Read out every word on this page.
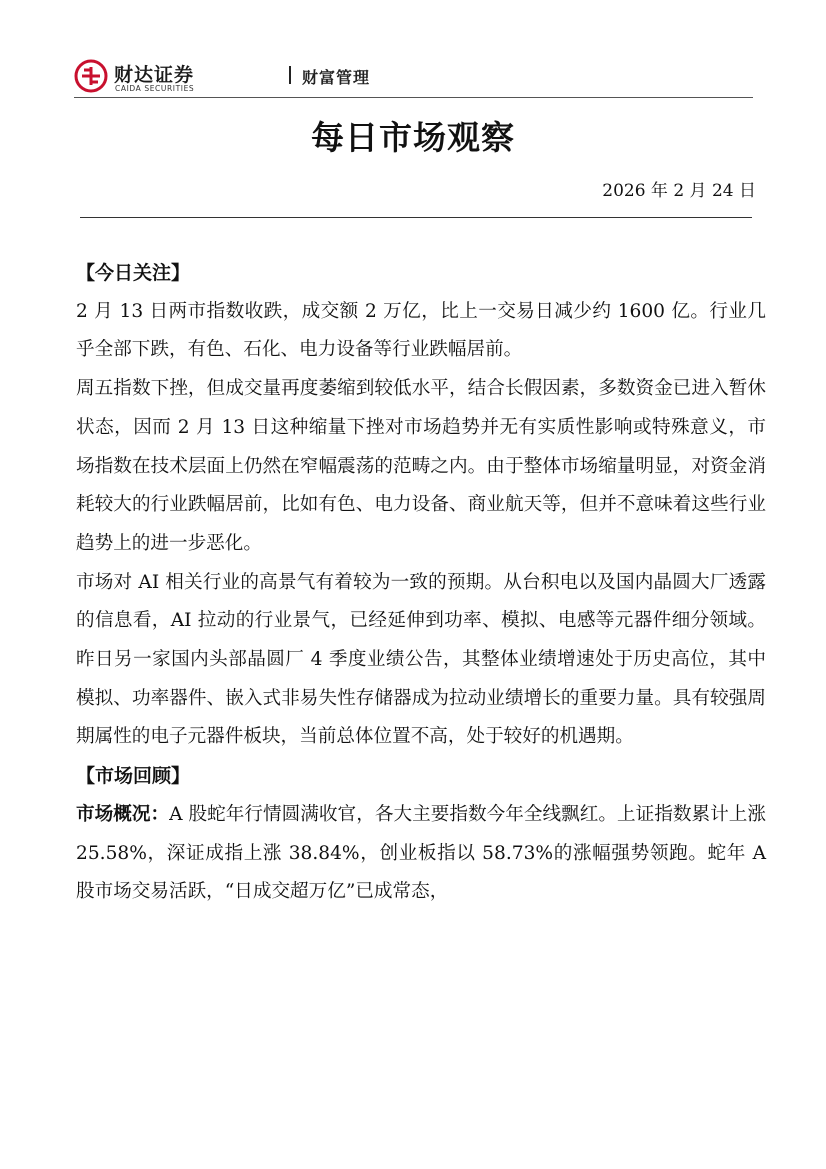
财达证券
CAIDA SECURITIES
财富管理
每日市场观察
2026 年 2 月 24 日
【今日关注】

2 月 13 日两市指数收跌，成交额 2 万亿，比上一交易日减少约 1600 亿。行业几乎全部下跌，有色、石化、电力设备等行业跌幅居前。

周五指数下挫，但成交量再度萎缩到较低水平，结合长假因素，多数资金已进入暂休状态，因而 2 月 13 日这种缩量下挫对市场趋势并无有实质性影响或特殊意义，市场指数在技术层面上仍然在窄幅震荡的范畴之内。由于整体市场缩量明显，对资金消耗较大的行业跌幅居前，比如有色、电力设备、商业航天等，但并不意味着这些行业趋势上的进一步恶化。

市场对 AI 相关行业的高景气有着较为一致的预期。从台积电以及国内晶圆大厂透露的信息看，AI 拉动的行业景气，已经延伸到功率、模拟、电感等元器件细分领域。昨日另一家国内头部晶圆厂 4 季度业绩公告，其整体业绩增速处于历史高位，其中模拟、功率器件、嵌入式非易失性存储器成为拉动业绩增长的重要力量。具有较强周期属性的电子元器件板块，当前总体位置不高，处于较好的机遇期。

【市场回顾】

市场概况：A 股蛇年行情圆满收官，各大主要指数今年全线飘红。上证指数累计上涨 25.58%，深证成指上涨 38.84%，创业板指以 58.73%的涨幅强势领跑。蛇年 A 股市场交易活跃，“日成交超万亿”已成常态，
